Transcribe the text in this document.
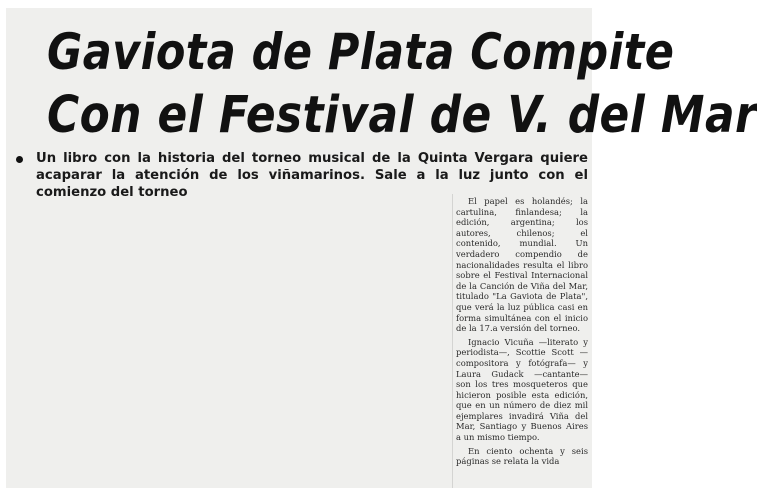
Gaviota de Plata Compite
Con el Festival de V. del Mar
Un libro con la historia del torneo musical de la Quinta Vergara quiere acaparar la atención de los viñamarinos. Sale a la luz junto con el comienzo del torneo

El papel es holandés; la cartulina, finlandesa; la edición, argentina; los autores, chilenos; el contenido, mundial. Un verdadero compendio de nacionalidades resulta el libro sobre el Festival Internacional de la Canción de Viña del Mar, titulado "La Gaviota de Plata", que verá la luz pública casi en forma simultánea con el inicio de la 17.a versión del torneo.

Ignacio Vicuña —literato y periodista—, Scottie Scott —compositora y fotógrafa— y Laura Gudack —cantante— son los tres mosqueteros que hicieron posible esta edición, que en un número de diez mil ejemplares invadirá Viña del Mar, Santiago y Buenos Aires a un mismo tiempo.

En ciento ochenta y seis páginas se relata la vida
